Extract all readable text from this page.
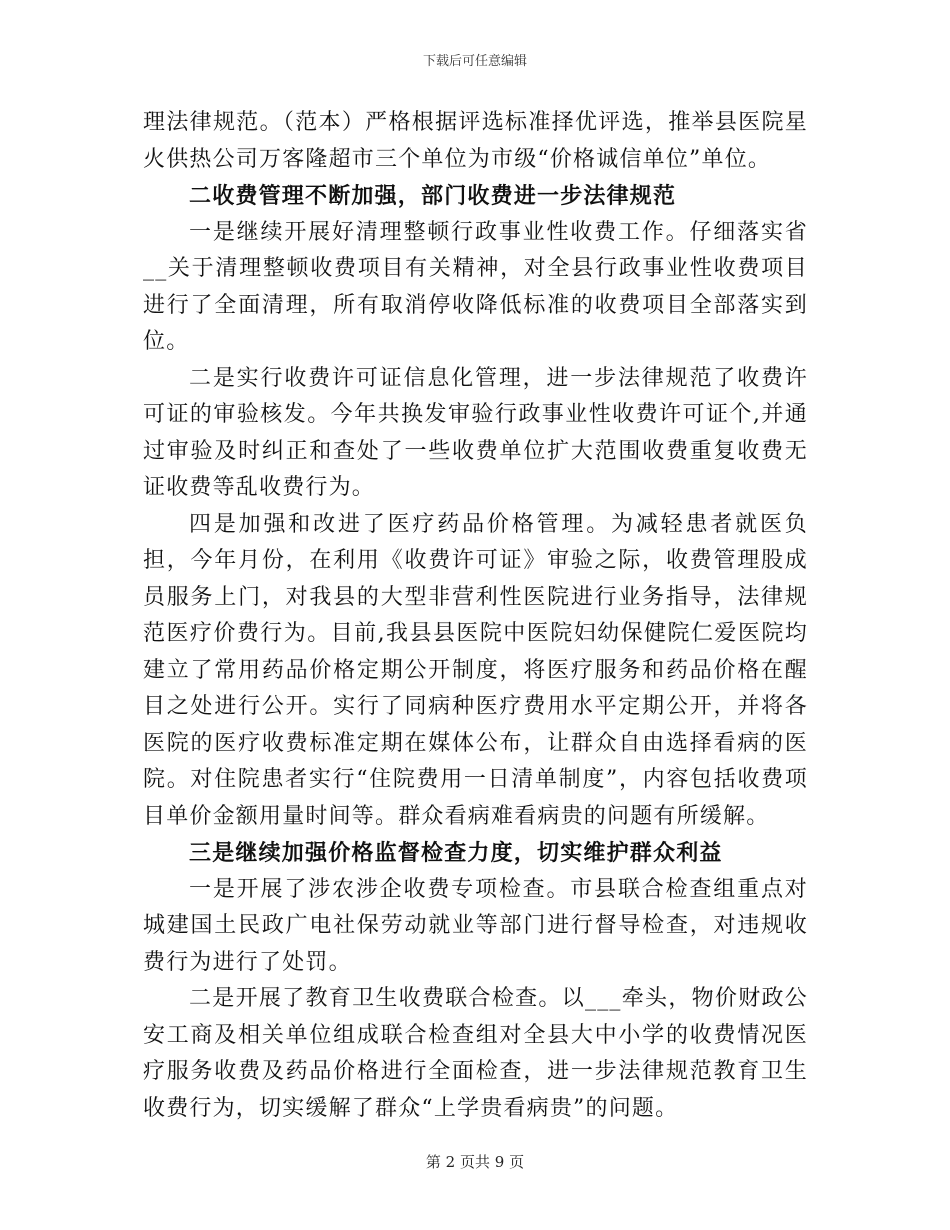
下载后可任意编辑

理法律规范。（范本）严格根据评选标准择优评选，推举县医院星火供热公司万客隆超市三个单位为市级“价格诚信单位”单位。

二收费管理不断加强，部门收费进一步法律规范

一是继续开展好清理整顿行政事业性收费工作。仔细落实省__关于清理整顿收费项目有关精神，对全县行政事业性收费项目进行了全面清理，所有取消停收降低标准的收费项目全部落实到位。

二是实行收费许可证信息化管理，进一步法律规范了收费许可证的审验核发。今年共换发审验行政事业性收费许可证个,并通过审验及时纠正和查处了一些收费单位扩大范围收费重复收费无证收费等乱收费行为。

四是加强和改进了医疗药品价格管理。为减轻患者就医负担，今年月份，在利用《收费许可证》审验之际，收费管理股成员服务上门，对我县的大型非营利性医院进行业务指导，法律规范医疗价费行为。目前,我县县医院中医院妇幼保健院仁爱医院均建立了常用药品价格定期公开制度，将医疗服务和药品价格在醒目之处进行公开。实行了同病种医疗费用水平定期公开，并将各医院的医疗收费标准定期在媒体公布，让群众自由选择看病的医院。对住院患者实行“住院费用一日清单制度”，内容包括收费项目单价金额用量时间等。群众看病难看病贵的问题有所缓解。

三是继续加强价格监督检查力度，切实维护群众利益

一是开展了涉农涉企收费专项检查。市县联合检查组重点对城建国土民政广电社保劳动就业等部门进行督导检查，对违规收费行为进行了处罚。

二是开展了教育卫生收费联合检查。以___牵头，物价财政公安工商及相关单位组成联合检查组对全县大中小学的收费情况医疗服务收费及药品价格进行全面检查，进一步法律规范教育卫生收费行为，切实缓解了群众“上学贵看病贵”的问题。

第 2 页共 9 页
